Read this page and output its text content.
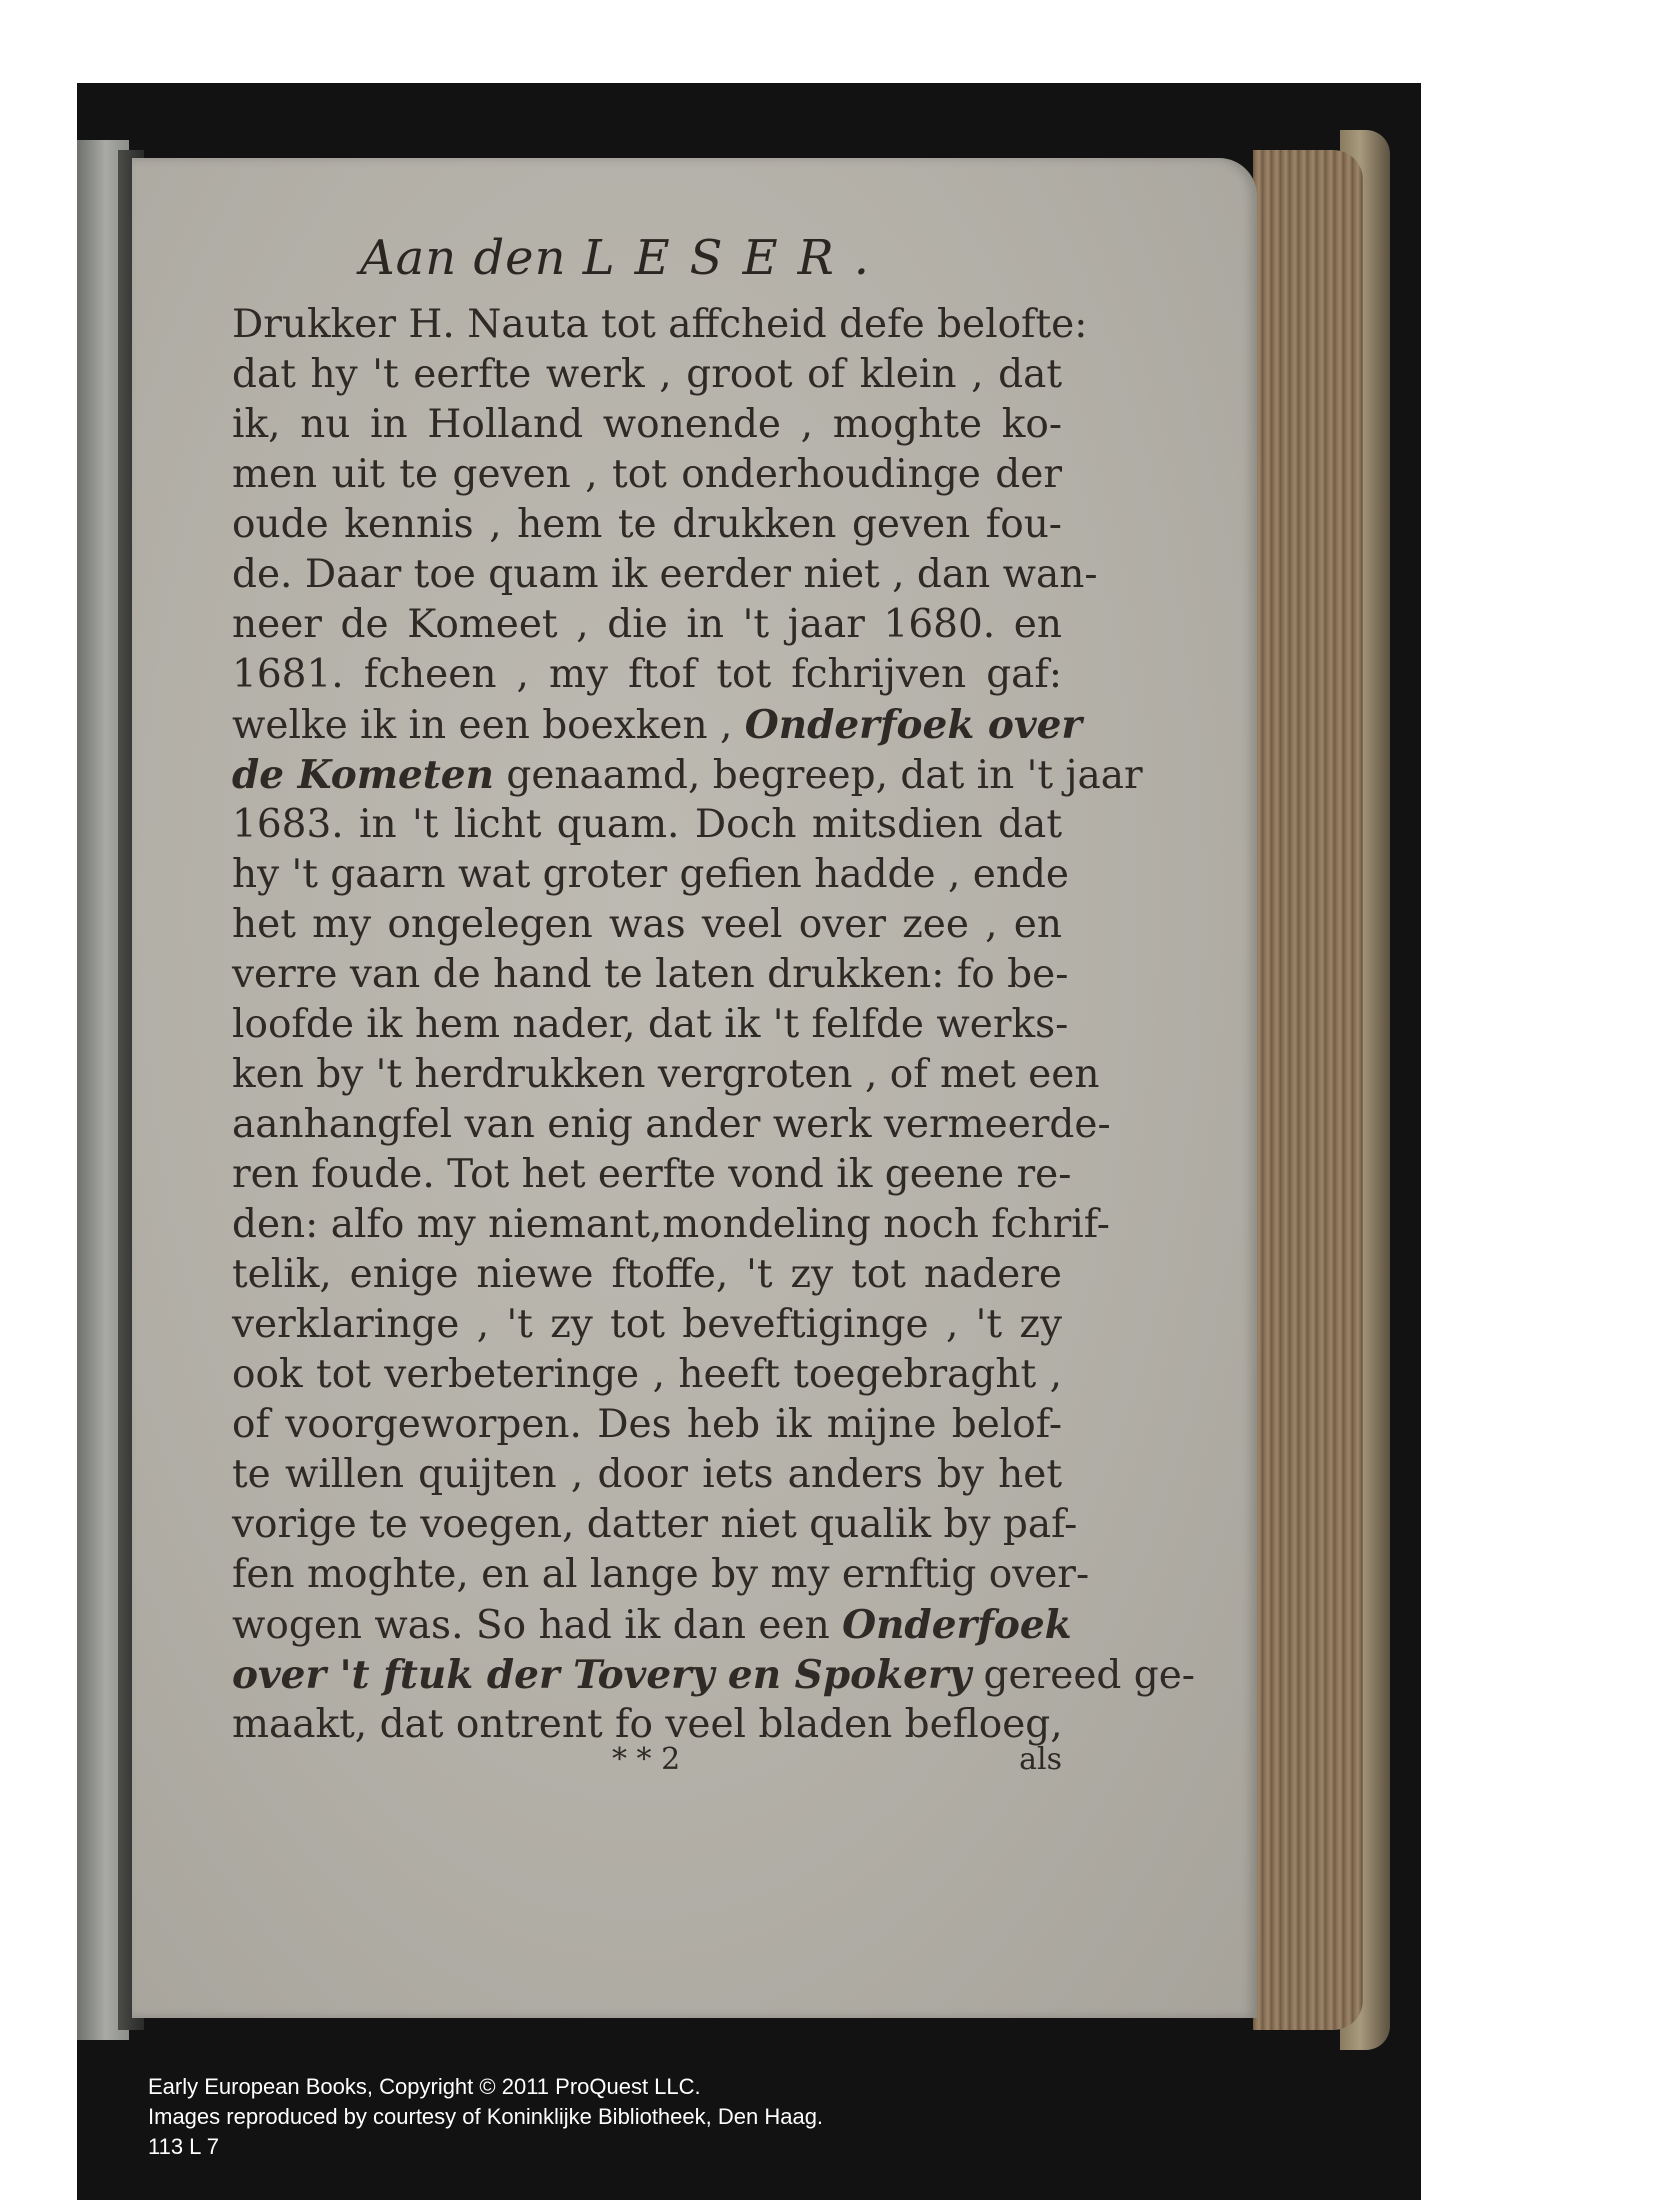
Aan den LESER.
Drukker H. Nauta tot affcheid defe belofte:
dat hy 't eerfte werk , groot of klein , dat
ik, nu in Holland wonende , moghte ko-
men uit te geven , tot onderhoudinge der
oude kennis , hem te drukken geven fou-
de. Daar toe quam ik eerder niet , dan wan-
neer de Komeet , die in 't jaar 1680. en
1681. fcheen , my ftof tot fchrijven gaf:
welke ik in een boexken , Onderfoek over
de Kometen genaamd, begreep, dat in 't jaar
1683. in 't licht quam. Doch mitsdien dat
hy 't gaarn wat groter gefien hadde , ende
het my ongelegen was veel over zee , en
verre van de hand te laten drukken: fo be-
loofde ik hem nader, dat ik 't felfde werks-
ken by 't herdrukken vergroten , of met een
aanhangfel van enig ander werk vermeerde-
ren foude. Tot het eerfte vond ik geene re-
den: alfo my niemant,mondeling noch fchrif-
telik, enige niewe ftoffe, 't zy tot nadere
verklaringe , 't zy tot beveftiginge , 't zy
ook tot verbeteringe , heeft toegebraght ,
of voorgeworpen. Des heb ik mijne belof-
te willen quijten , door iets anders by het
vorige te voegen, datter niet qualik by paf-
fen moghte, en al lange by my ernftig over-
wogen was. So had ik dan een Onderfoek
over 't ftuk der Tovery en Spokery gereed ge-
maakt, dat ontrent fo veel bladen befloeg,
* * 2	als
Early European Books, Copyright © 2011 ProQuest LLC.
Images reproduced by courtesy of Koninklijke Bibliotheek, Den Haag.
113 L 7
